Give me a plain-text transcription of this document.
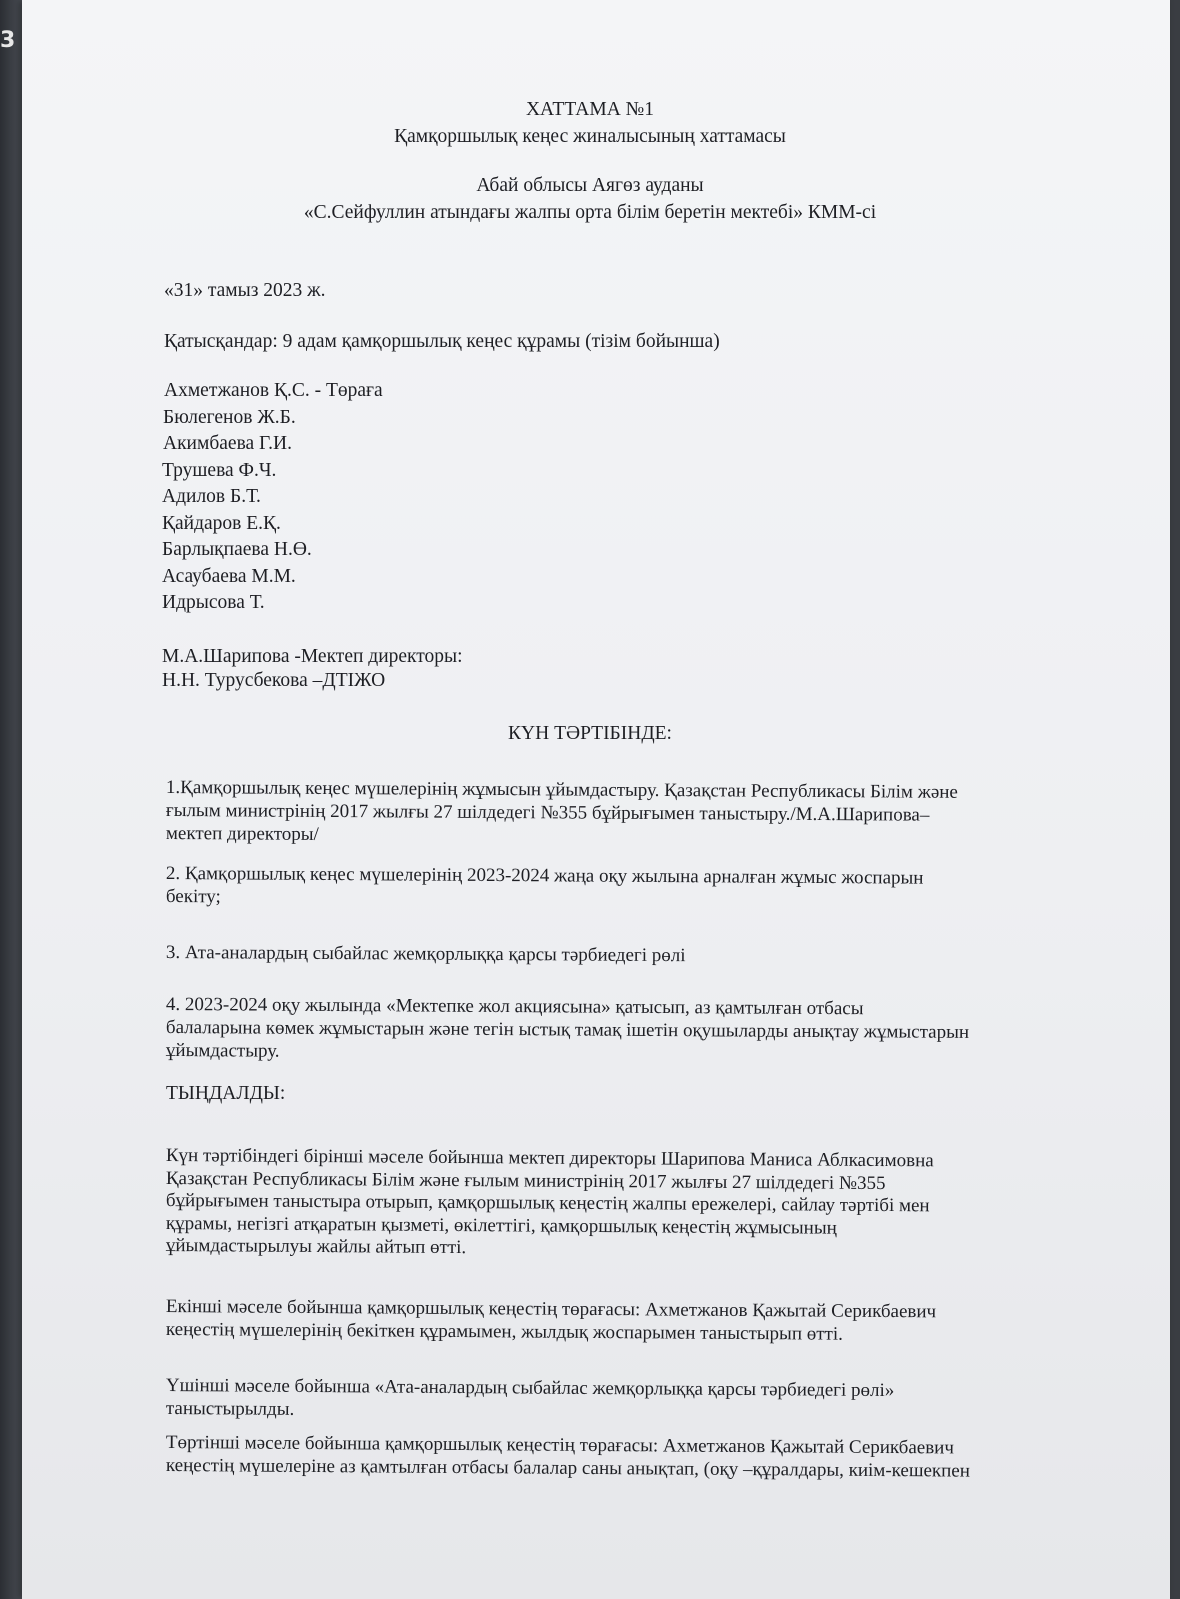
3
ХАТТАМА №1
Қамқоршылық кеңес жиналысының хаттамасы
Абай облысы Аягөз ауданы
«С.Сейфуллин атындағы жалпы орта білім беретін мектебі» КММ-сі
«31» тамыз 2023 ж.
Қатысқандар: 9 адам қамқоршылық кеңес құрамы (тізім бойынша)
Ахметжанов Қ.С. - Төраға
Бюлегенов Ж.Б.
Акимбаева Г.И.
Трушева Ф.Ч.
Адилов Б.Т.
Қайдаров Е.Қ.
Барлықпаева Н.Ө.
Асаубаева М.М.
Идрысова Т.
М.А.Шарипова -Мектеп директоры:
Н.Н. Турусбекова –ДТІЖО
КҮН ТӘРТІБІНДЕ:
1.Қамқоршылық кеңес мүшелерінің жұмысын ұйымдастыру. Қазақстан Республикасы Білім және
ғылым министрінің 2017 жылғы 27 шілдедегі №355 бұйрығымен таныстыру./М.А.Шарипова–
мектеп директоры/
2. Қамқоршылық кеңес мүшелерінің 2023-2024 жаңа оқу жылына арналған жұмыс жоспарын
бекіту;
3. Ата-аналардың сыбайлас жемқорлыққа қарсы тәрбиедегі рөлі
4. 2023-2024 оқу жылында «Мектепке жол акциясына» қатысып, аз қамтылған отбасы
балаларына көмек жұмыстарын және тегін ыстық тамақ ішетін оқушыларды анықтау жұмыстарын
ұйымдастыру.
ТЫҢДАЛДЫ:
Күн тәртібіндегі бірінші мәселе бойынша мектеп директоры Шарипова Маниса Аблкасимовна
Қазақстан Республикасы Білім және ғылым министрінің 2017 жылғы 27 шілдедегі №355
бұйрығымен таныстыра отырып, қамқоршылық кеңестің жалпы ережелері, сайлау тәртібі мен
құрамы, негізгі атқаратын қызметі, өкілеттігі, қамқоршылық кеңестің жұмысының
ұйымдастырылуы жайлы айтып өтті.
Екінші мәселе бойынша қамқоршылық кеңестің төрағасы: Ахметжанов Қажытай Серикбаевич
кеңестің мүшелерінің бекіткен құрамымен, жылдық жоспарымен таныстырып өтті.
Үшінші мәселе бойынша «Ата-аналардың сыбайлас жемқорлыққа қарсы тәрбиедегі рөлі»
таныстырылды.
Төртінші мәселе бойынша қамқоршылық кеңестің төрағасы: Ахметжанов Қажытай Серикбаевич
кеңестің мүшелеріне аз қамтылған отбасы балалар саны анықтап, (оқу –құралдары, киім-кешекпен
